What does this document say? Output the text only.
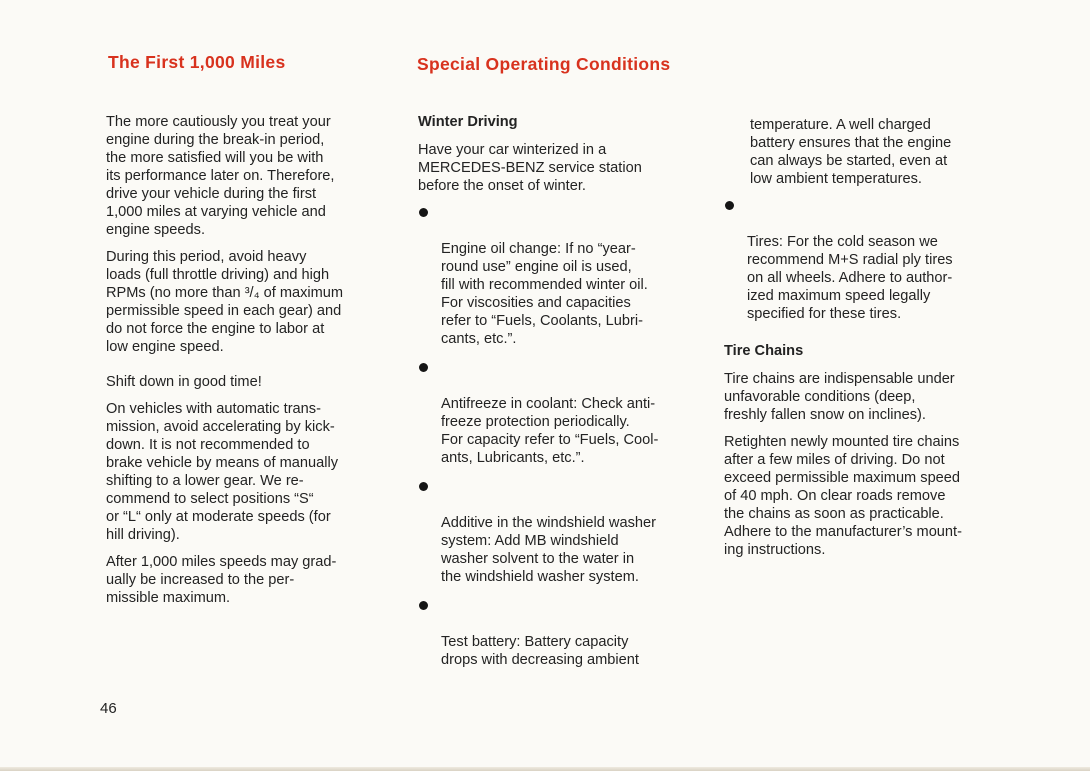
The First 1,000 Miles	Special Operating Conditions

The more cautiously you treat your
engine during the break-in period,
the more satisfied will you be with
its performance later on. Therefore,
drive your vehicle during the first
1,000 miles at varying vehicle and
engine speeds.

During this period, avoid heavy
loads (full throttle driving) and high
RPMs (no more than ³/₄ of maximum
permissible speed in each gear) and
do not force the engine to labor at
low engine speed.

Shift down in good time!

On vehicles with automatic trans-
mission, avoid accelerating by kick-
down. It is not recommended to
brake vehicle by means of manually
shifting to a lower gear. We re-
commend to select positions “S“
or “L“ only at moderate speeds (for
hill driving).

After 1,000 miles speeds may grad-
ually be increased to the per-
missible maximum.

Winter Driving

Have your car winterized in a
MERCEDES-BENZ service station
before the onset of winter.

Engine oil change: If no “year-
round use” engine oil is used,
fill with recommended winter oil.
For viscosities and capacities
refer to “Fuels, Coolants, Lubri-
cants, etc.”.

Antifreeze in coolant: Check anti-
freeze protection periodically.
For capacity refer to “Fuels, Cool-
ants, Lubricants, etc.”.

Additive in the windshield washer
system: Add MB windshield
washer solvent to the water in
the windshield washer system.

Test battery: Battery capacity
drops with decreasing ambient

temperature. A well charged
battery ensures that the engine
can always be started, even at
low ambient temperatures.

Tires: For the cold season we
recommend M+S radial ply tires
on all wheels. Adhere to author-
ized maximum speed legally
specified for these tires.

Tire Chains

Tire chains are indispensable under
unfavorable conditions (deep,
freshly fallen snow on inclines).

Retighten newly mounted tire chains
after a few miles of driving. Do not
exceed permissible maximum speed
of 40 mph. On clear roads remove
the chains as soon as practicable.
Adhere to the manufacturer’s mount-
ing instructions.

46
